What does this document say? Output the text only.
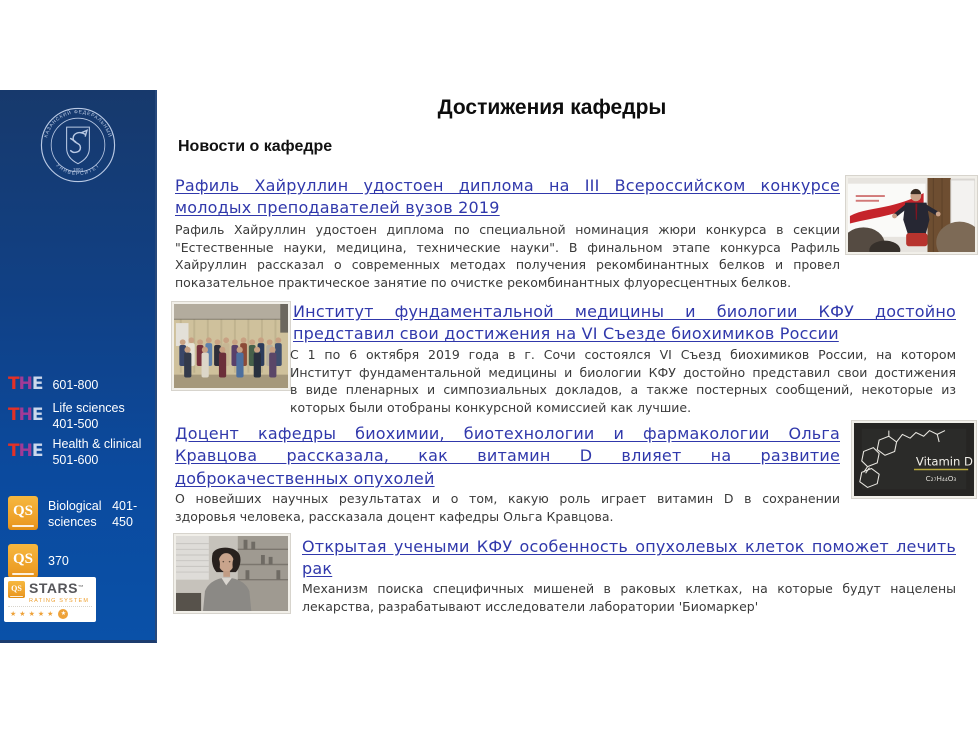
КАЗАНСКИЙ ФЕДЕРАЛЬНЫЙ
УНИВЕРСИТЕТ
1804
THE 601-800
THE Life sciences
401-500
THE Health & clinical
501-600
QS	Biological sciences
401-450
QS	370
QS STARS™
RATING SYSTEM
★ ★ ★ ★ ★	★
Достижения кафедры
Новости о кафедре
Рафиль Хайруллин удостоен диплома на III Всероссийском конкурсе
молодых преподавателей вузов 2019
Рафиль Хайруллин удостоен диплома по специальной номинация жюри конкурса в секции
"Естественные науки, медицина, технические науки". В финальном этапе конкурса Рафиль
Хайруллин рассказал о современных методах получения рекомбинантных белков и провел
показательное практическое занятие по очистке рекомбинантных флуоресцентных белков.
Институт фундаментальной медицины и биологии КФУ достойно
представил свои достижения на VI Съезде биохимиков России
С 1 по 6 октября 2019 года в г. Сочи состоялся VI Съезд биохимиков России, на котором
Институт фундаментальной медицины и биологии КФУ достойно представил свои достижения
в виде пленарных и симпозиальных докладов, а также постерных сообщений, некоторые из
которых были отобраны конкурсной комиссией как лучшие.
Доцент кафедры биохимии, биотехнологии и фармакологии Ольга
Кравцова рассказала, как витамин D влияет на развитие
доброкачественных опухолей
О новейших научных результатах и о том, какую роль играет витамин D в сохранении
здоровья человека, рассказала доцент кафедры Ольга Кравцова.
Vitamin D
C₂₇H₄₄O₃
Открытая учеными КФУ особенность опухолевых клеток поможет лечить
рак
Механизм поиска специфичных мишеней в раковых клетках, на которые будут нацелены
лекарства, разрабатывают исследователи лаборатории 'Биомаркер'
